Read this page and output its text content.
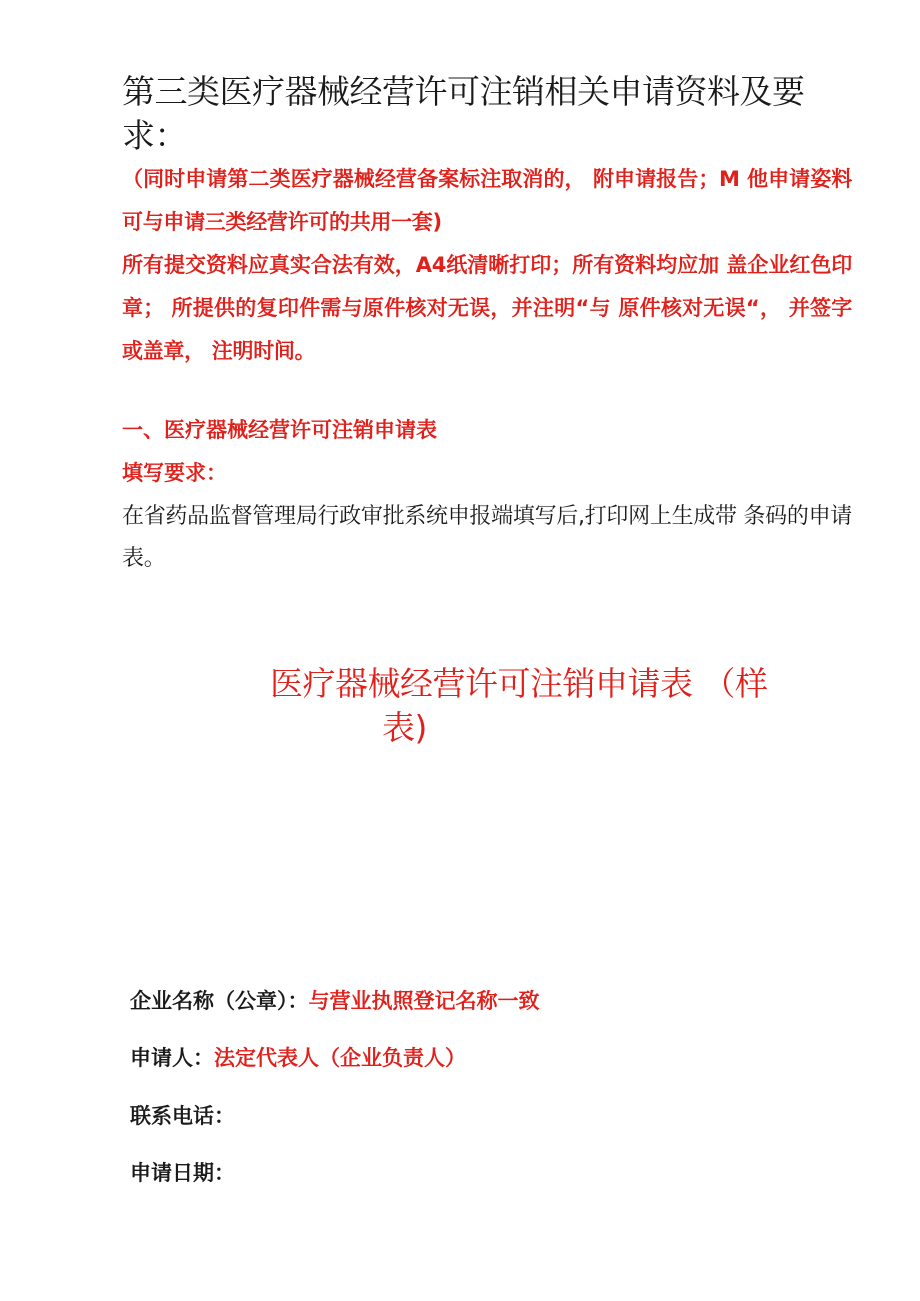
第三类医疗器械经营许可注销相关申请资料及要求：

（同时申请第二类医疗器械经营备案标注取消的， 附申请报告；M 他申请姿料可与申请三类经营许可的共用一套)

所有提交资料应真实合法有效，A4纸清晰打印；所有资料均应加 盖企业红色印章； 所提供的复印件需与原件核对无误，并注明“与 原件核对无误“， 并签字或盖章， 注明时间。

一、医疗器械经营许可注销申请表
填写要求：
在省药品监督管理局行政审批系统申报端填写后,打印网上生成带 条码的申请表。
医疗器械经营许可注销申请表 （样
表)
企业名称（公章）：与营业执照登记名称一致
申请人：法定代表人（企业负责人）
联系电话：
申请日期：
